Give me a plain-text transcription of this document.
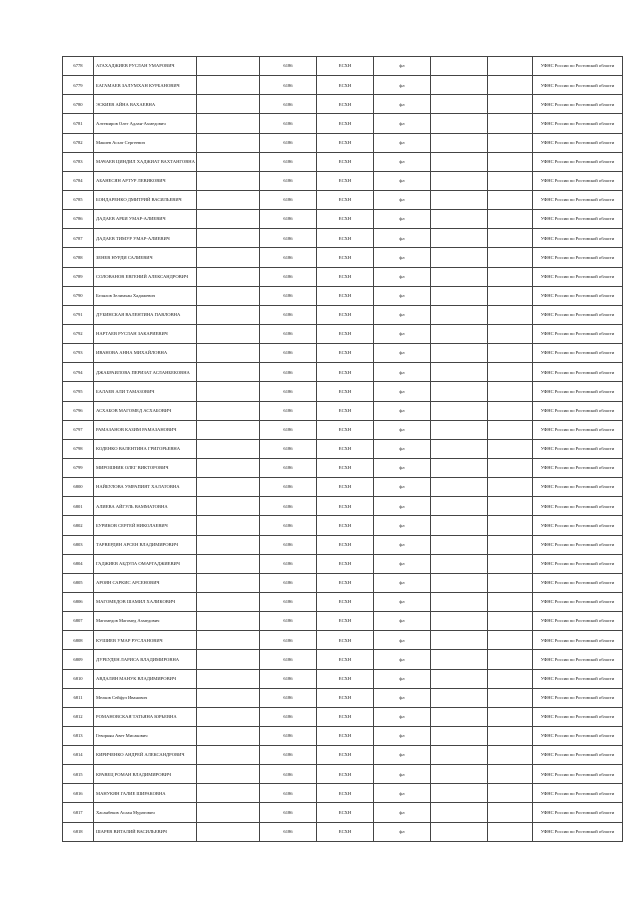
6778	АГАХАДЖИЕВ РУСЛАН УМАРОВИЧ		6186	ЕСХН	фл			УФНС России по Ростовской области
6779	БАГАМАЕВ ЗАЛУМХАН КУРБАНОВИЧ		6186	ЕСХН	фл			УФНС России по Ростовской области
6780	ЭСКИЕВ АЙНА ВАХАЕВНА		6186	ЕСХН	фл			УФНС России по Ростовской области
6781	Алтемиров Олег Адлан-Ахмедович		6186	ЕСХН	фл			УФНС России по Ростовской области
6782	Макиев Асхат Сергеевич		6186	ЕСХН	фл			УФНС России по Ростовской области
6783	МАЧАЕВ ЦИНДИЛ ХАДЖИАТ ВАХТАНГОВНА		6186	ЕСХН	фл			УФНС России по Ростовской области
6784	АБАНЕСЯН АРТУР ЛЕВИКОВИЧ		6186	ЕСХН	фл			УФНС России по Ростовской области
6785	БОНДАРЕНКО ДМИТРИЙ ВАСИЛЬЕВИЧ		6186	ЕСХН	фл			УФНС России по Ростовской области
6786	ДАДАЕВ АРБИ УМАР-АЛИЕВИЧ		6186	ЕСХН	фл			УФНС России по Ростовской области
6787	ДАДАЕВ ТИМУР УМАР-АЛИЕВИЧ		6186	ЕСХН	фл			УФНС России по Ростовской области
6788	ЗЕНЕВ НУРДИ САЛИЕВИЧ		6186	ЕСХН	фл			УФНС России по Ростовской области
6789	СОЛОВАНОВ ЕВГЕНИЙ АЛЕКСАНДРОВИЧ		6186	ЕСХН	фл			УФНС России по Ростовской области
6790	Белялов Зелимхан Хадижевич		6186	ЕСХН	фл			УФНС России по Ростовской области
6791	ДУБИНСКАЯ ВАЛЕНТИНА ПАВЛОВНА		6186	ЕСХН	фл			УФНС России по Ростовской области
6792	НАРТАЕВ РУСЛАН ЗАКАРИЕВИЧ		6186	ЕСХН	фл			УФНС России по Ростовской области
6793	ИВАНОВА АННА МИХАЙЛОВНА		6186	ЕСХН	фл			УФНС России по Ростовской области
6794	ДЖАБРАИЛОВА ПЕРИЗАТ АСЛАНБЕКОВНА		6186	ЕСХН	фл			УФНС России по Ростовской области
6795	БАЛАЕВ АЛИ ТАМАЗОВИЧ		6186	ЕСХН	фл			УФНС России по Ростовской области
6796	АСХАБОВ МАГОМЕД АСХАБОВИЧ		6186	ЕСХН	фл			УФНС России по Ростовской области
6797	РАМАЗАНОВ КАЗИМ РАМАЗАНОВИЧ		6186	ЕСХН	фл			УФНС России по Ростовской области
6798	КОДЕНКО ВАЛЕНТИНА ГРИГОРЬЕВНА		6186	ЕСХН	фл			УФНС России по Ростовской области
6799	МИРОШНИК ОЛЕГ ВИКТОРОВИЧ		6186	ЕСХН	фл			УФНС России по Ростовской области
6800	НАЙБУЛОВА УМРАПИЯТ ХАЛАТОВНА		6186	ЕСХН	фл			УФНС России по Ростовской области
6801	АЛИЕВА АЙГУЛЬ ВАММАТОВНА		6186	ЕСХН	фл			УФНС России по Ростовской области
6802	БУРИКОВ СЕРГЕЙ НИКОЛАЕВИЧ		6186	ЕСХН	фл			УФНС России по Ростовской области
6803	ТАРВЕРДЯН АРСЕН ВЛАДИМИРОВИЧ		6186	ЕСХН	фл			УФНС России по Ростовской области
6804	ГАДЖИЕВ АБДУЛА ОМАРГАДЖИЕВИЧ		6186	ЕСХН	фл			УФНС России по Ростовской области
6805	АРОЯН САРКИС АРСЕНОВИЧ		6186	ЕСХН	фл			УФНС России по Ростовской области
6806	МАГОМЕДОВ ШАМИЛ ХАЛИКОВИЧ		6186	ЕСХН	фл			УФНС России по Ростовской области
6807	Магомедов Магомед Ахмедович		6186	ЕСХН	фл			УФНС России по Ростовской области
6808	КУШИЕВ УМАР РУСЛАНОВИЧ		6186	ЕСХН	фл			УФНС России по Ростовской области
6809	ДУРБУДЕН ЛАРИСА ВЛАДИМИРОВНА		6186	ЕСХН	фл			УФНС России по Ростовской области
6810	АВДАЛЯН МАНУК ВЛАДИМИРОВИЧ		6186	ЕСХН	фл			УФНС России по Ростовской области
6811	Мелков Сейфул Иванович		6186	ЕСХН	фл			УФНС России по Ростовской области
6812	РОМАНОВСКАЯ ТАТЬЯНА ЮРЬЕВНА		6186	ЕСХН	фл			УФНС России по Ростовской области
6813	Геворкян Авет Мисакович		6186	ЕСХН	фл			УФНС России по Ростовской области
6814	КИРИЧЕНКО АНДРЕЙ АЛЕКСАНДРОВИЧ		6186	ЕСХН	фл			УФНС России по Ростовской области
6815	КРАВЕЦ РОМАН ВЛАДИМИРОВИЧ		6186	ЕСХН	фл			УФНС России по Ростовской области
6816	МАНУКЯН ГАЛИЕ ШИРАКОВНА		6186	ЕСХН	фл			УФНС России по Ростовской области
6817	Хасанбеков Аслан Муратович		6186	ЕСХН	фл			УФНС России по Ростовской области
6818	ШАРЕВ ВИТАЛИЙ ВАСИЛЬЕВИЧ		6186	ЕСХН	фл			УФНС России по Ростовской области
